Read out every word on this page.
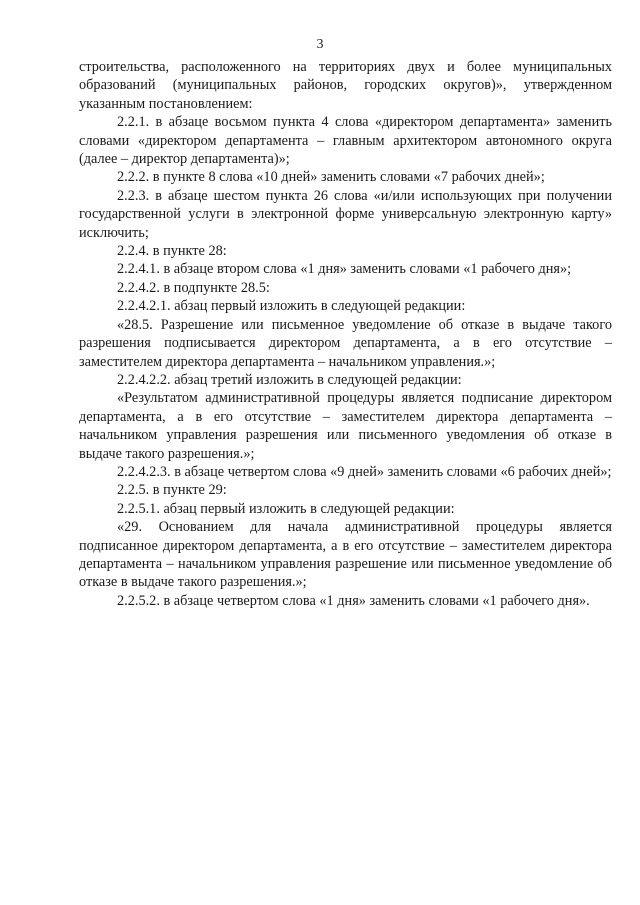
3

строительства, расположенного на территориях двух и более муниципальных образований (муниципальных районов, городских округов)», утвержденном указанным постановлением:

2.2.1. в абзаце восьмом пункта 4 слова «директором департамента» заменить словами «директором департамента – главным архитектором автономного округа (далее – директор департамента)»;

2.2.2. в пункте 8 слова «10 дней» заменить словами «7 рабочих дней»;

2.2.3. в абзаце шестом пункта 26 слова «и/или использующих при получении государственной услуги в электронной форме универсальную электронную карту» исключить;

2.2.4. в пункте 28:

2.2.4.1. в абзаце втором слова «1 дня» заменить словами «1 рабочего дня»;

2.2.4.2. в подпункте 28.5:

2.2.4.2.1. абзац первый изложить в следующей редакции:

«28.5. Разрешение или письменное уведомление об отказе в выдаче такого разрешения подписывается директором департамента, а в его отсутствие – заместителем директора департамента – начальником управления.»;

2.2.4.2.2. абзац третий изложить в следующей редакции:

«Результатом административной процедуры является подписание директором департамента, а в его отсутствие – заместителем директора департамента – начальником управления разрешения или письменного уведомления об отказе в выдаче такого разрешения.»;

2.2.4.2.3. в абзаце четвертом слова «9 дней» заменить словами «6 рабочих дней»;

2.2.5. в пункте 29:

2.2.5.1. абзац первый изложить в следующей редакции:

«29. Основанием для начала административной процедуры является подписанное директором департамента, а в его отсутствие – заместителем директора департамента – начальником управления разрешение или письменное уведомление об отказе в выдаче такого разрешения.»;

2.2.5.2. в абзаце четвертом слова «1 дня» заменить словами «1 рабочего дня».
